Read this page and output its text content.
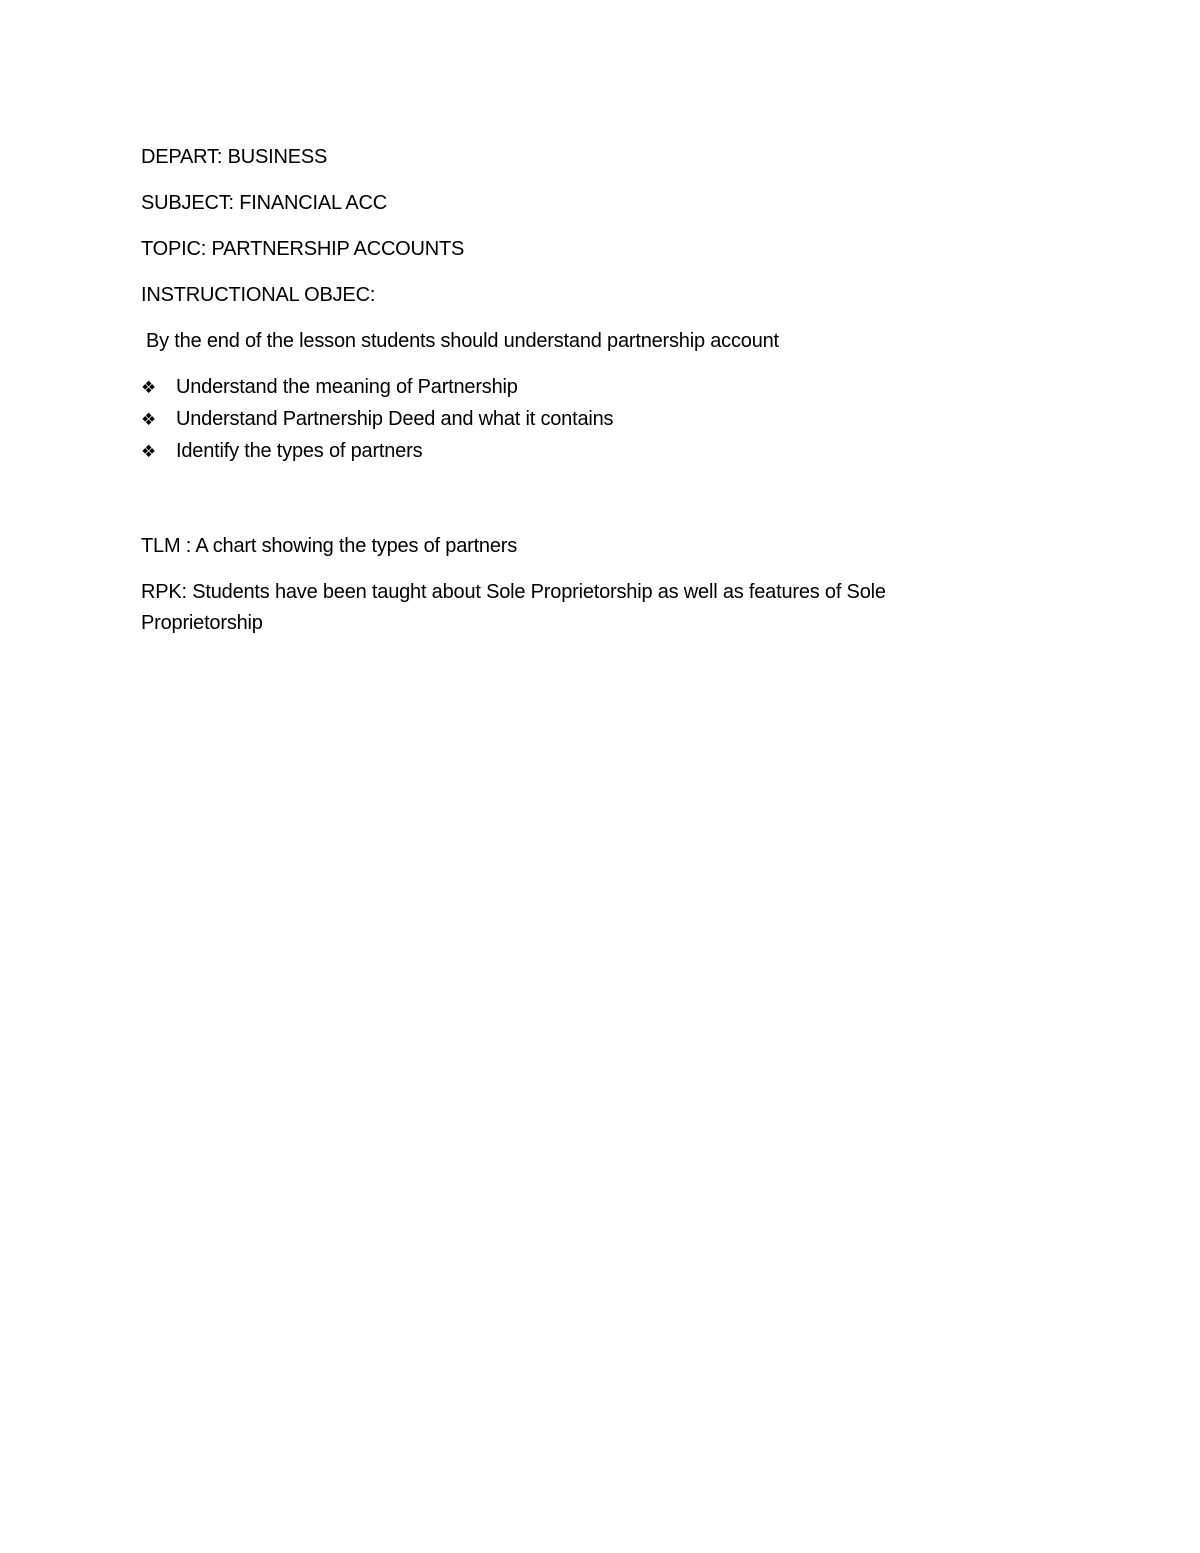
DEPART: BUSINESS

SUBJECT: FINANCIAL ACC

TOPIC: PARTNERSHIP ACCOUNTS

INSTRUCTIONAL OBJEC:

By the end of the lesson students should understand partnership account

❖ Understand the meaning of Partnership
❖ Understand Partnership Deed and what it contains
❖ Identify the types of partners

TLM : A chart showing the types of partners

RPK: Students have been taught about Sole Proprietorship as well as features of Sole Proprietorship
